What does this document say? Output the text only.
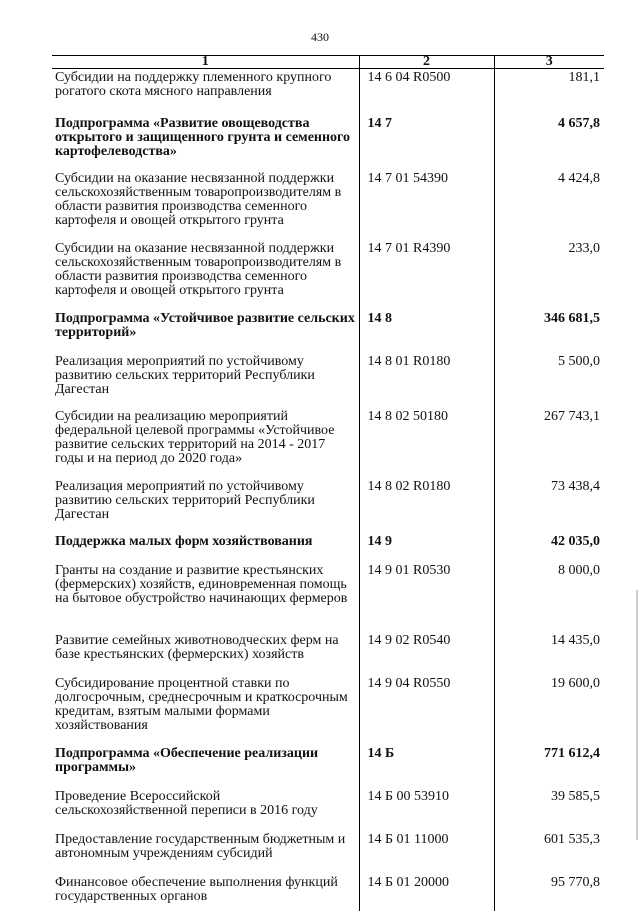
430
1	2	3
Субсидии на поддержку племенного крупного рогатого скота мясного направления	14 6 04 R0500	181,1
Подпрограмма «Развитие овощеводства открытого и защищенного грунта и семенного картофелеводства»	14 7	4 657,8
Субсидии на оказание несвязанной поддержки сельскохозяйственным товаропроизводителям в области развития производства семенного картофеля и овощей открытого грунта	14 7 01 54390	4 424,8
Субсидии на оказание несвязанной поддержки сельскохозяйственным товаропроизводителям в области развития производства семенного картофеля и овощей открытого грунта	14 7 01 R4390	233,0
Подпрограмма «Устойчивое развитие сельских территорий»	14 8	346 681,5
Реализация мероприятий по устойчивому развитию сельских территорий Республики Дагестан	14 8 01 R0180	5 500,0
Субсидии на реализацию мероприятий федеральной целевой программы «Устойчивое развитие сельских территорий на 2014 - 2017 годы и на период до 2020 года»	14 8 02 50180	267 743,1
Реализация мероприятий по устойчивому развитию сельских территорий Республики Дагестан	14 8 02 R0180	73 438,4
Поддержка малых форм хозяйствования	14 9	42 035,0
Гранты на создание и развитие крестьянских (фермерских) хозяйств, единовременная помощь на бытовое обустройство начинающих фермеров	14 9 01 R0530	8 000,0
Развитие семейных животноводческих ферм на базе крестьянских (фермерских) хозяйств	14 9 02 R0540	14 435,0
Субсидирование процентной ставки по долгосрочным, среднесрочным и краткосрочным кредитам, взятым малыми формами хозяйствования	14 9 04 R0550	19 600,0
Подпрограмма «Обеспечение реализации программы»	14 Б	771 612,4
Проведение Всероссийской сельскохозяйственной переписи в 2016 году	14 Б 00 53910	39 585,5
Предоставление государственным бюджетным и автономным учреждениям субсидий	14 Б 01 11000	601 535,3
Финансовое обеспечение выполнения функций государственных органов	14 Б 01 20000	95 770,8
